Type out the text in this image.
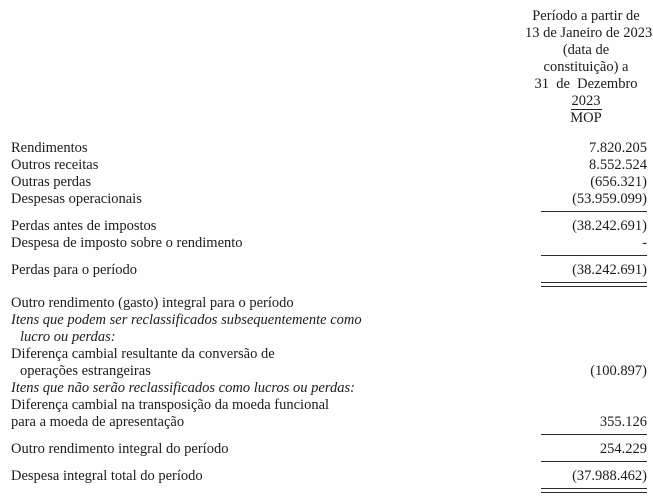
Período a partir de
13 de Janeiro de 2023
(data de
constituição) a
31  de  Dezembro
2023
MOP
Rendimentos	7.820.205
Outros receitas	8.552.524
Outras perdas	(656.321)
Despesas operacionais	(53.959.099)
Perdas antes de impostos	(38.242.691)
Despesa de imposto sobre o rendimento	-
Perdas para o período	(38.242.691)
Outro rendimento (gasto) integral para o período
Itens que podem ser reclassificados subsequentemente como
lucro ou perdas:
Diferença cambial resultante da conversão de
operações estrangeiras	(100.897)
Itens que não serão reclassificados como lucros ou perdas:
Diferença cambial na transposição da moeda funcional
para a moeda de apresentação	355.126
Outro rendimento integral do período	254.229
Despesa integral total do período	(37.988.462)
